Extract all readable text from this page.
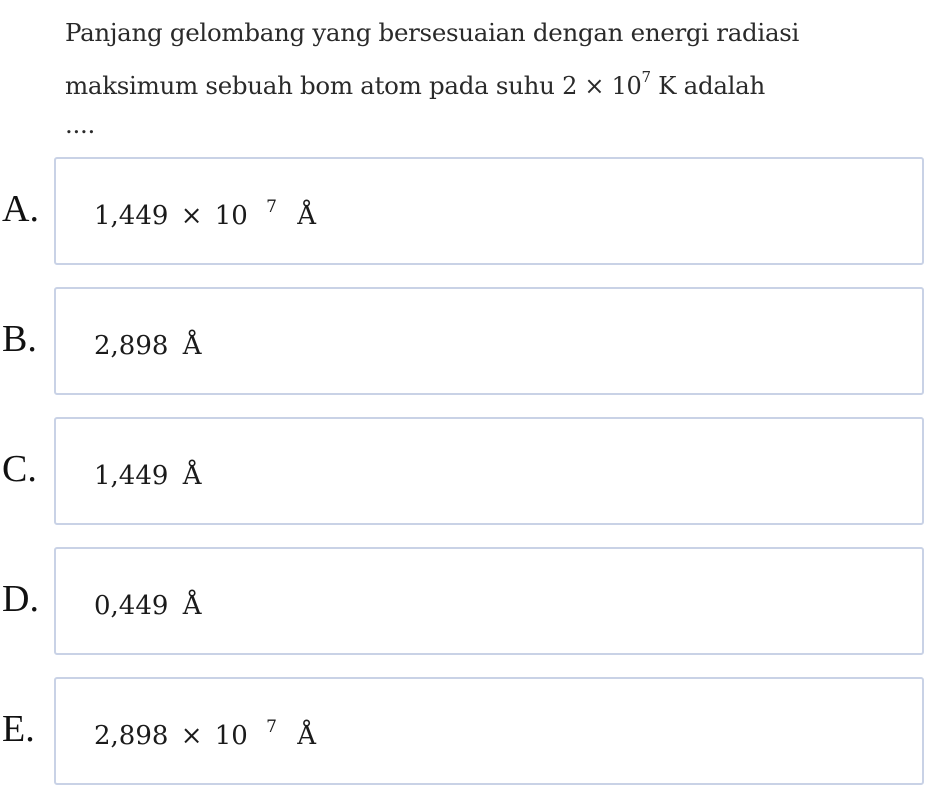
Panjang gelombang yang bersesuaian dengan energi radiasi maksimum sebuah bom atom pada suhu $2 \times 10^7$ K adalah
....
A. 1,449 × 10 $^7$ Å
B. 2,898 Å
C. 1,449 Å
D. 0,449 Å
E. 2,898 × 10 $^7$ Å
